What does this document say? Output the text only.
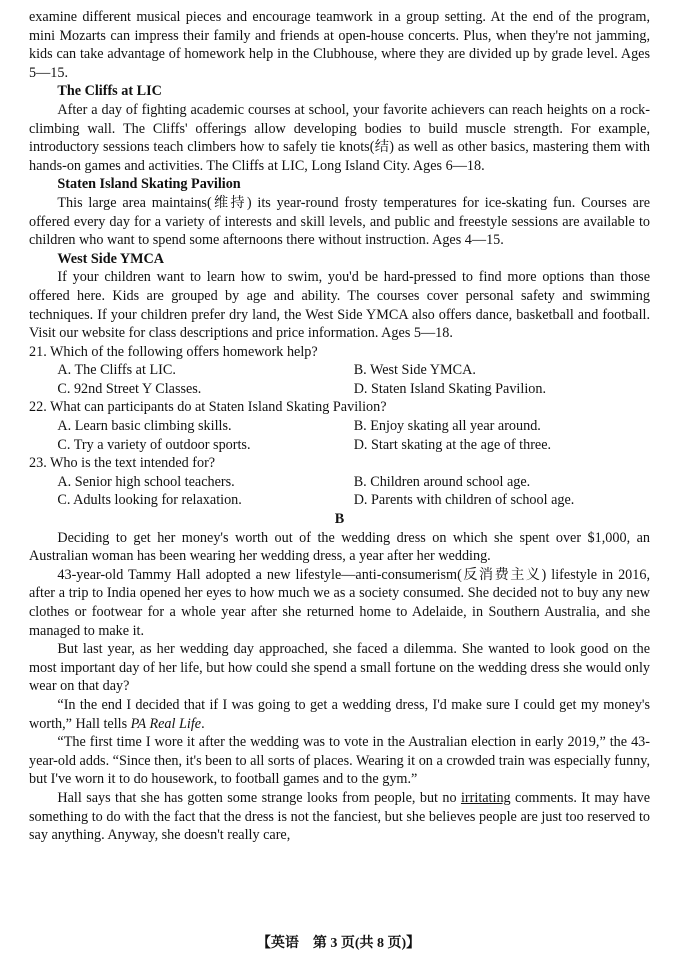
examine different musical pieces and encourage teamwork in a group setting. At the end of the program, mini Mozarts can impress their family and friends at open-house concerts. Plus, when they're not jamming, kids can take advantage of homework help in the Clubhouse, where they are divided up by grade level. Ages 5—15.

The Cliffs at LIC

After a day of fighting academic courses at school, your favorite achievers can reach heights on a rock-climbing wall. The Cliffs' offerings allow developing bodies to build muscle strength. For example, introductory sessions teach climbers how to safely tie knots(结) as well as other basics, mastering them with hands-on games and activities. The Cliffs at LIC, Long Island City. Ages 6—18.

Staten Island Skating Pavilion

This large area maintains(维持) its year-round frosty temperatures for ice-skating fun. Courses are offered every day for a variety of interests and skill levels, and public and freestyle sessions are available to children who want to spend some afternoons there without instruction. Ages 4—15.

West Side YMCA

If your children want to learn how to swim, you'd be hard-pressed to find more options than those offered here. Kids are grouped by age and ability. The courses cover personal safety and swimming techniques. If your children prefer dry land, the West Side YMCA also offers dance, basketball and football. Visit our website for class descriptions and price information. Ages 5—18.

21. Which of the following offers homework help?

A. The Cliffs at LIC.	B. West Side YMCA.
C. 92nd Street Y Classes.	D. Staten Island Skating Pavilion.

22. What can participants do at Staten Island Skating Pavilion?

A. Learn basic climbing skills.	B. Enjoy skating all year around.
C. Try a variety of outdoor sports.	D. Start skating at the age of three.

23. Who is the text intended for?

A. Senior high school teachers.	B. Children around school age.
C. Adults looking for relaxation.	D. Parents with children of school age.

B

Deciding to get her money's worth out of the wedding dress on which she spent over $1,000, an Australian woman has been wearing her wedding dress, a year after her wedding.

43-year-old Tammy Hall adopted a new lifestyle—anti-consumerism(反消费主义) lifestyle in 2016, after a trip to India opened her eyes to how much we as a society consumed. She decided not to buy any new clothes or footwear for a whole year after she returned home to Adelaide, in Southern Australia, and she managed to make it.

But last year, as her wedding day approached, she faced a dilemma. She wanted to look good on the most important day of her life, but how could she spend a small fortune on the wedding dress she would only wear on that day?

“In the end I decided that if I was going to get a wedding dress, I'd make sure I could get my money's worth,” Hall tells PA Real Life.

“The first time I wore it after the wedding was to vote in the Australian election in early 2019,” the 43-year-old adds. “Since then, it's been to all sorts of places. Wearing it on a crowded train was especially funny, but I've worn it to do housework, to football games and to the gym.”

Hall says that she has gotten some strange looks from people, but no irritating comments. It may have something to do with the fact that the dress is not the fanciest, but she believes people are just too reserved to say anything. Anyway, she doesn't really care,

【英语　第 3 页(共 8 页)】
